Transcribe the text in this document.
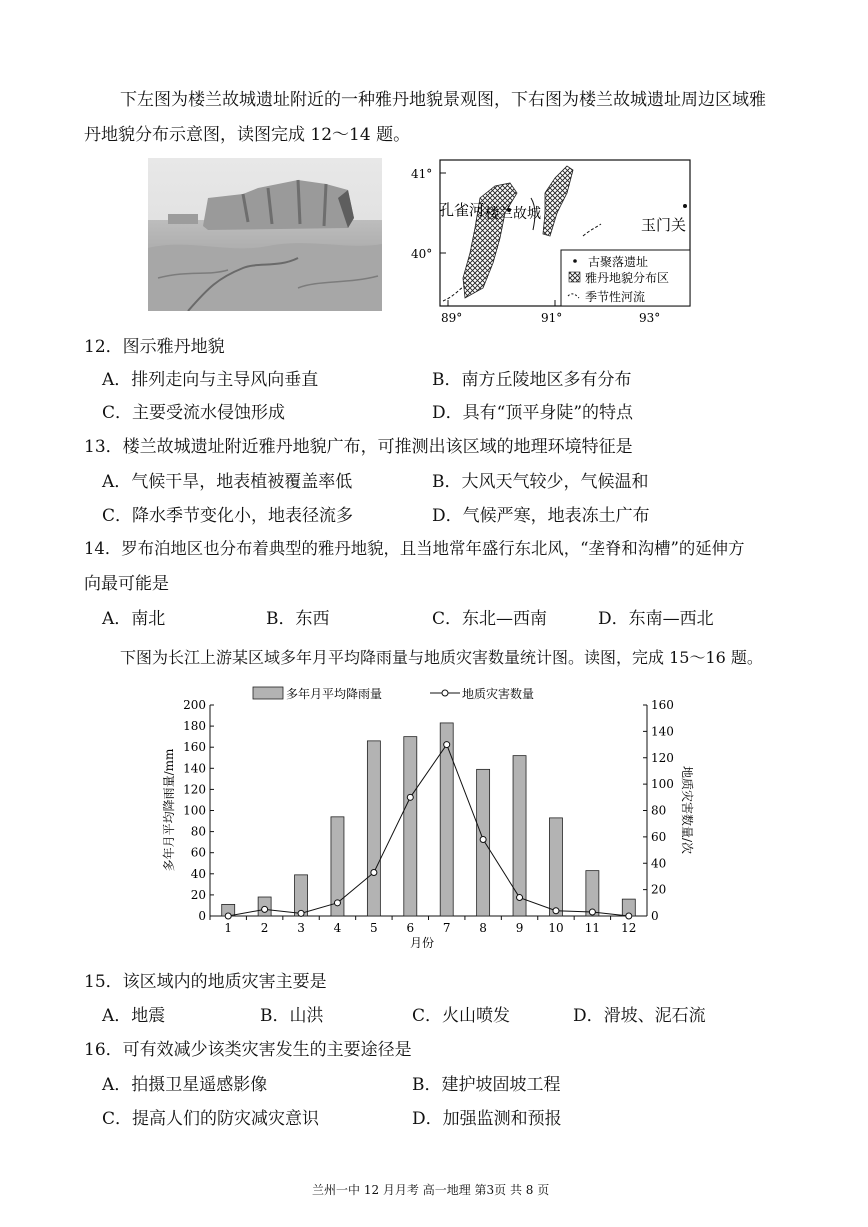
下左图为楼兰故城遗址附近的一种雅丹地貌景观图，下右图为楼兰故城遗址周边区域雅
丹地貌分布示意图，读图完成 12～14 题。
41°
40°
89°	91°	93°
孔雀河 楼兰故城
玉门关
古聚落遗址
雅丹地貌分布区
季节性河流
12．图示雅丹地貌
A．排列走向与主导风向垂直	B．南方丘陵地区多有分布
C．主要受流水侵蚀形成	D．具有“顶平身陡”的特点
13．楼兰故城遗址附近雅丹地貌广布，可推测出该区域的地理环境特征是
A．气候干旱，地表植被覆盖率低	B．大风天气较少，气候温和
C．降水季节变化小，地表径流多	D．气候严寒，地表冻土广布
14．罗布泊地区也分布着典型的雅丹地貌，且当地常年盛行东北风，“垄脊和沟槽”的延伸方
向最可能是
A．南北	B．东西	C．东北—西南	D．东南—西北
下图为长江上游某区域多年月平均降雨量与地质灾害数量统计图。读图，完成 15～16 题。
多年月平均降雨量	地质灾害数量
0
20
40
60
80
100
120
140
160
180
200
0
20
40
60
80
100
120
140
160
1 2 3 4 5 6 7 8 9 10 11 12
月份
多年月平均降雨量/mm	地质灾害数量/次
15．该区域内的地质灾害主要是
A．地震	B．山洪	C．火山喷发	D．滑坡、泥石流
16．可有效减少该类灾害发生的主要途径是
A．拍摄卫星遥感影像	B．建护坡固坡工程
C．提高人们的防灾减灾意识	D．加强监测和预报
兰州一中 12 月月考 高一地理 第3页 共 8 页
